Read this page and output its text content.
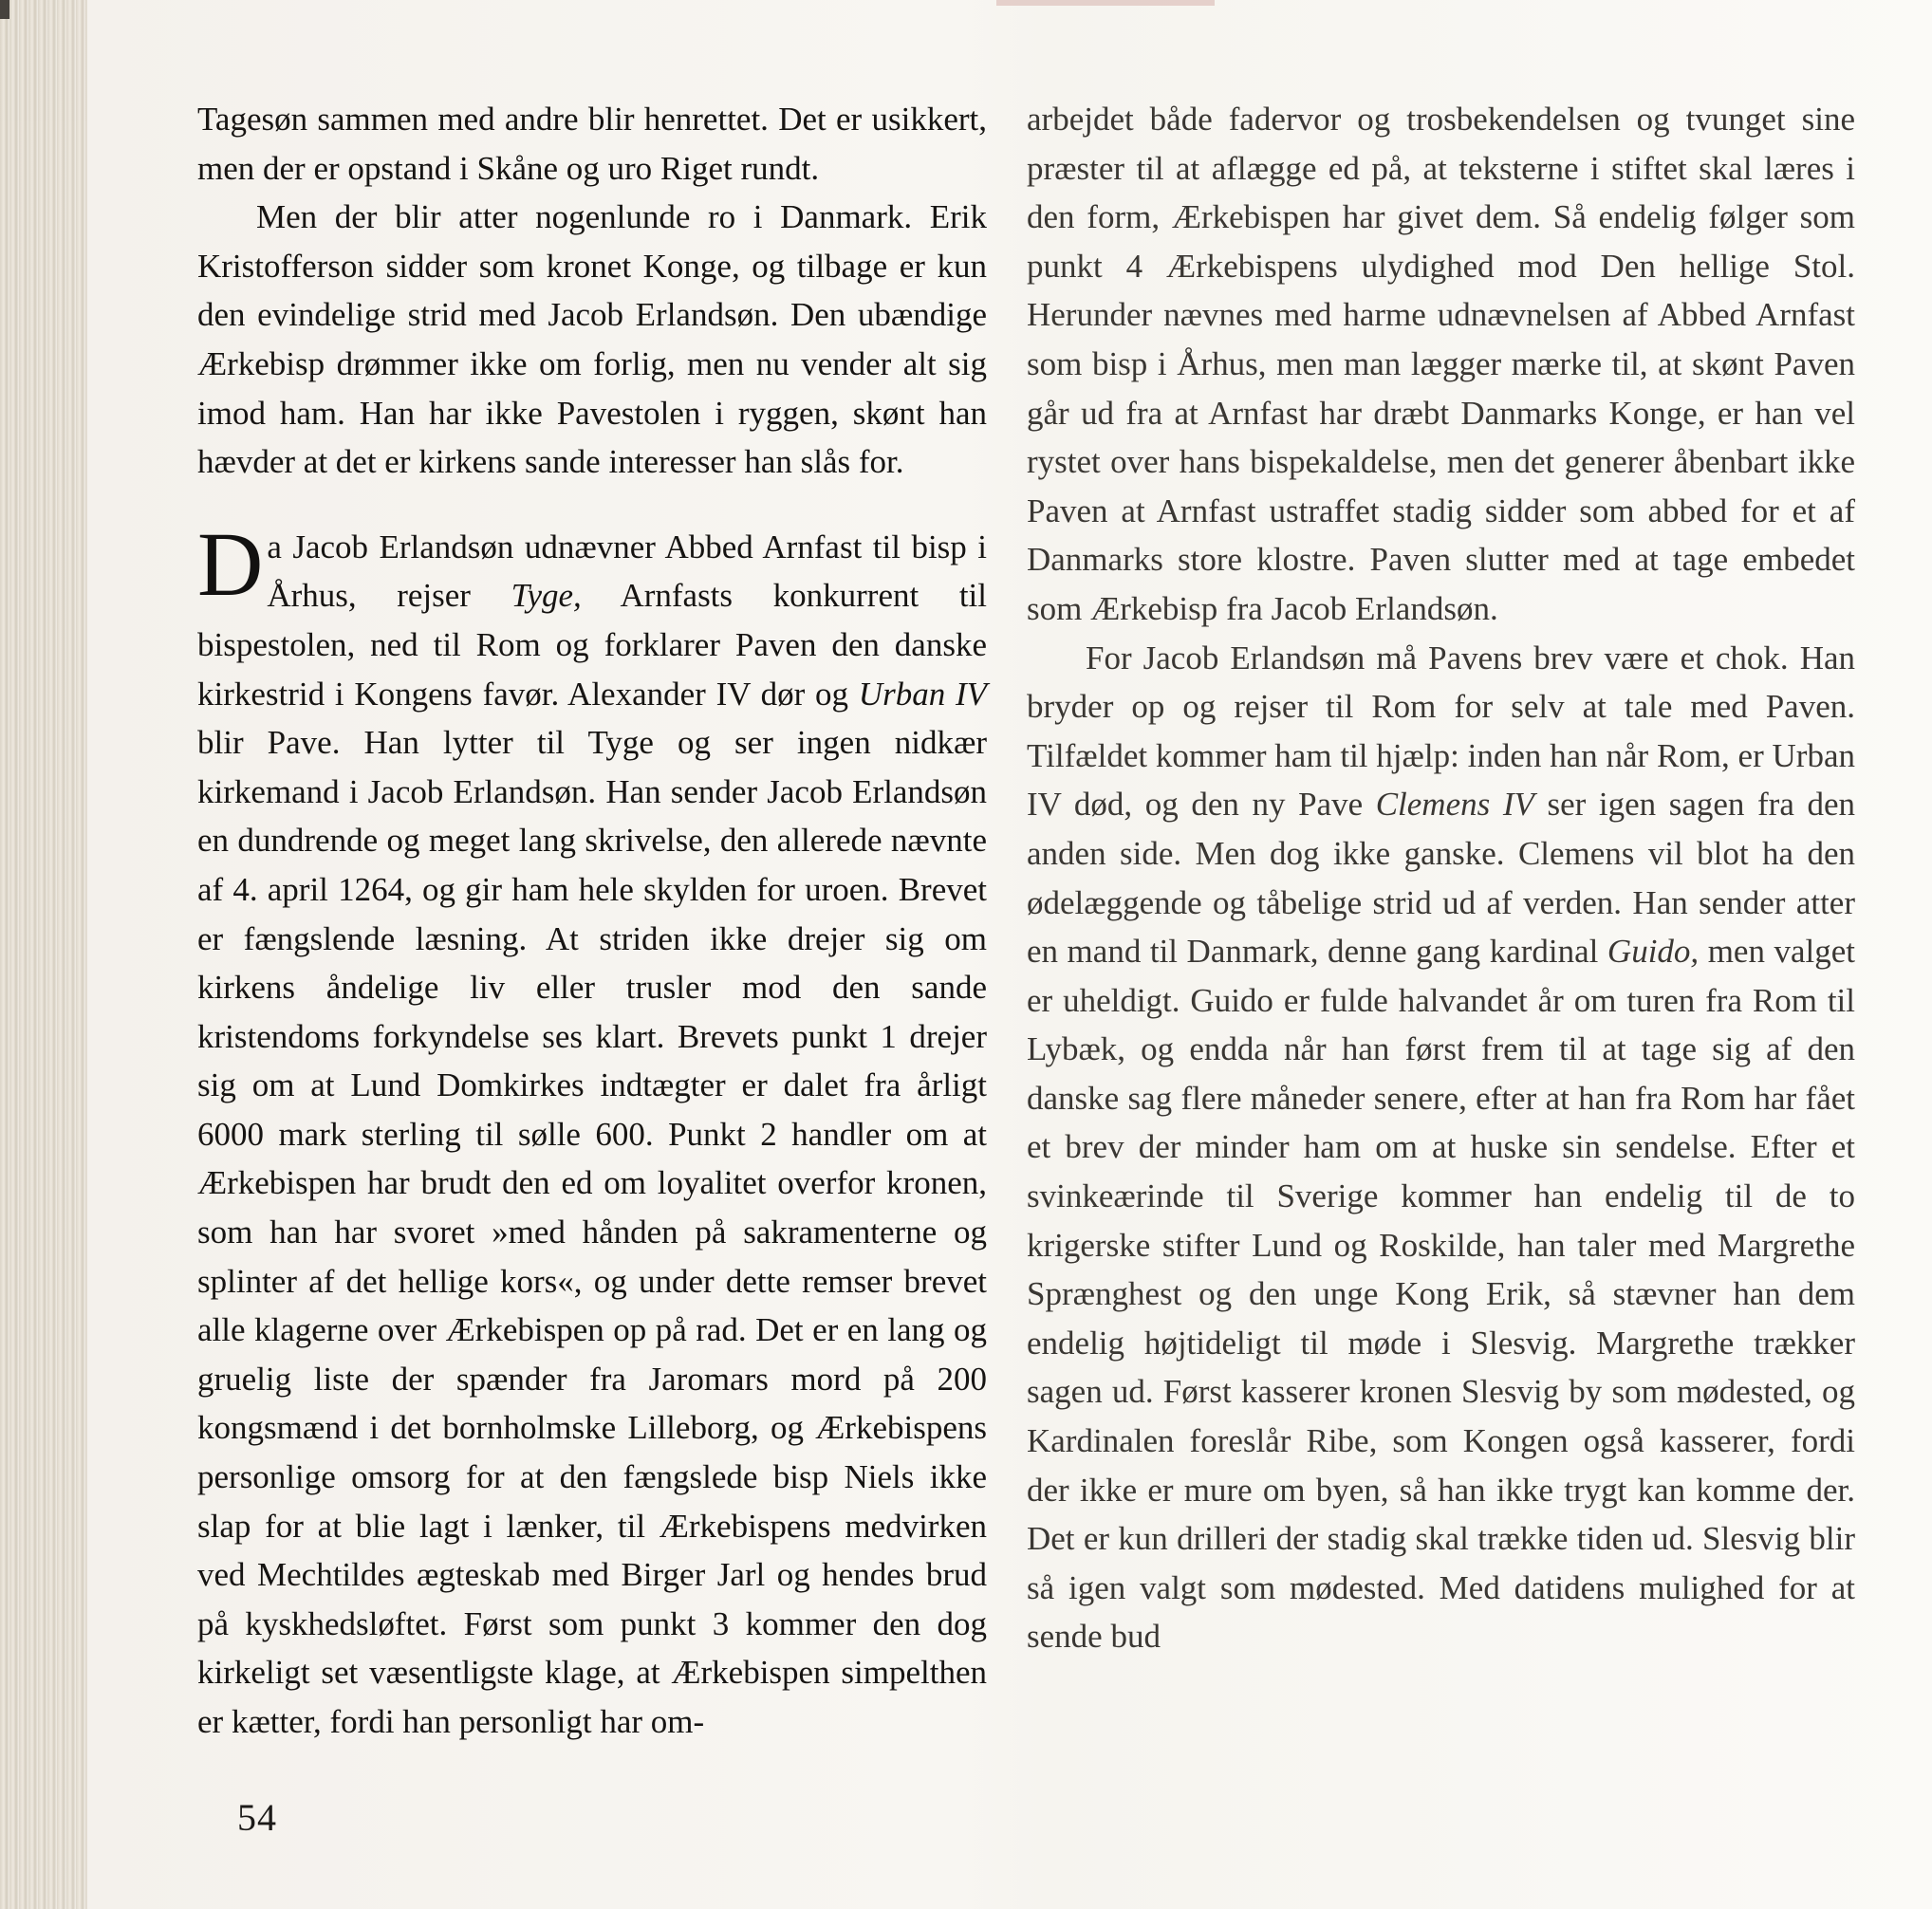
Tagesøn sammen med andre blir henrettet. Det er usikkert, men der er opstand i Skåne og uro Riget rundt.

Men der blir atter nogenlunde ro i Danmark. Erik Kristofferson sidder som kronet Konge, og tilbage er kun den evindelige strid med Jacob Erlandsøn. Den ubændige Ærkebisp drømmer ikke om forlig, men nu vender alt sig imod ham. Han har ikke Pavestolen i ryggen, skønt han hævder at det er kirkens sande interesser han slås for.

Da Jacob Erlandsøn udnævner Abbed Arnfast til bisp i Århus, rejser Tyge, Arnfasts konkurrent til bispestolen, ned til Rom og forklarer Paven den danske kirkestrid i Kongens favør. Alexander IV dør og Urban IV blir Pave. Han lytter til Tyge og ser ingen nidkær kirkemand i Jacob Erlandsøn. Han sender Jacob Erlandsøn en dundrende og meget lang skrivelse, den allerede nævnte af 4. april 1264, og gir ham hele skylden for uroen. Brevet er fængslende læsning. At striden ikke drejer sig om kirkens åndelige liv eller trusler mod den sande kristendoms forkyndelse ses klart. Brevets punkt 1 drejer sig om at Lund Domkirkes indtægter er dalet fra årligt 6000 mark sterling til sølle 600. Punkt 2 handler om at Ærkebispen har brudt den ed om loyalitet overfor kronen, som han har svoret »med hånden på sakramenterne og splinter af det hellige kors«, og under dette remser brevet alle klagerne over Ærkebispen op på rad. Det er en lang og gruelig liste der spænder fra Jaromars mord på 200 kongsmænd i det bornholmske Lilleborg, og Ærkebispens personlige omsorg for at den fængslede bisp Niels ikke slap for at blie lagt i lænker, til Ærkebispens medvirken ved Mechtildes ægteskab med Birger Jarl og hendes brud på kyskhedsløftet. Først som punkt 3 kommer den dog kirkeligt set væsentligste klage, at Ærkebispen simpelthen er kætter, fordi han personligt har om-

arbejdet både fadervor og trosbekendelsen og tvunget sine præster til at aflægge ed på, at teksterne i stiftet skal læres i den form, Ærkebispen har givet dem. Så endelig følger som punkt 4 Ærkebispens ulydighed mod Den hellige Stol. Herunder nævnes med harme udnævnelsen af Abbed Arnfast som bisp i Århus, men man lægger mærke til, at skønt Paven går ud fra at Arnfast har dræbt Danmarks Konge, er han vel rystet over hans bispekaldelse, men det generer åbenbart ikke Paven at Arnfast ustraffet stadig sidder som abbed for et af Danmarks store klostre. Paven slutter med at tage embedet som Ærkebisp fra Jacob Erlandsøn.

For Jacob Erlandsøn må Pavens brev være et chok. Han bryder op og rejser til Rom for selv at tale med Paven. Tilfældet kommer ham til hjælp: inden han når Rom, er Urban IV død, og den ny Pave Clemens IV ser igen sagen fra den anden side. Men dog ikke ganske. Clemens vil blot ha den ødelæggende og tåbelige strid ud af verden. Han sender atter en mand til Danmark, denne gang kardinal Guido, men valget er uheldigt. Guido er fulde halvandet år om turen fra Rom til Lybæk, og endda når han først frem til at tage sig af den danske sag flere måneder senere, efter at han fra Rom har fået et brev der minder ham om at huske sin sendelse. Efter et svinkeærinde til Sverige kommer han endelig til de to krigerske stifter Lund og Roskilde, han taler med Margrethe Sprænghest og den unge Kong Erik, så stævner han dem endelig højtideligt til møde i Slesvig. Margrethe trækker sagen ud. Først kasserer kronen Slesvig by som mødested, og Kardinalen foreslår Ribe, som Kongen også kasserer, fordi der ikke er mure om byen, så han ikke trygt kan komme der. Det er kun drilleri der stadig skal trække tiden ud. Slesvig blir så igen valgt som mødested. Med datidens mulighed for at sende bud

54
